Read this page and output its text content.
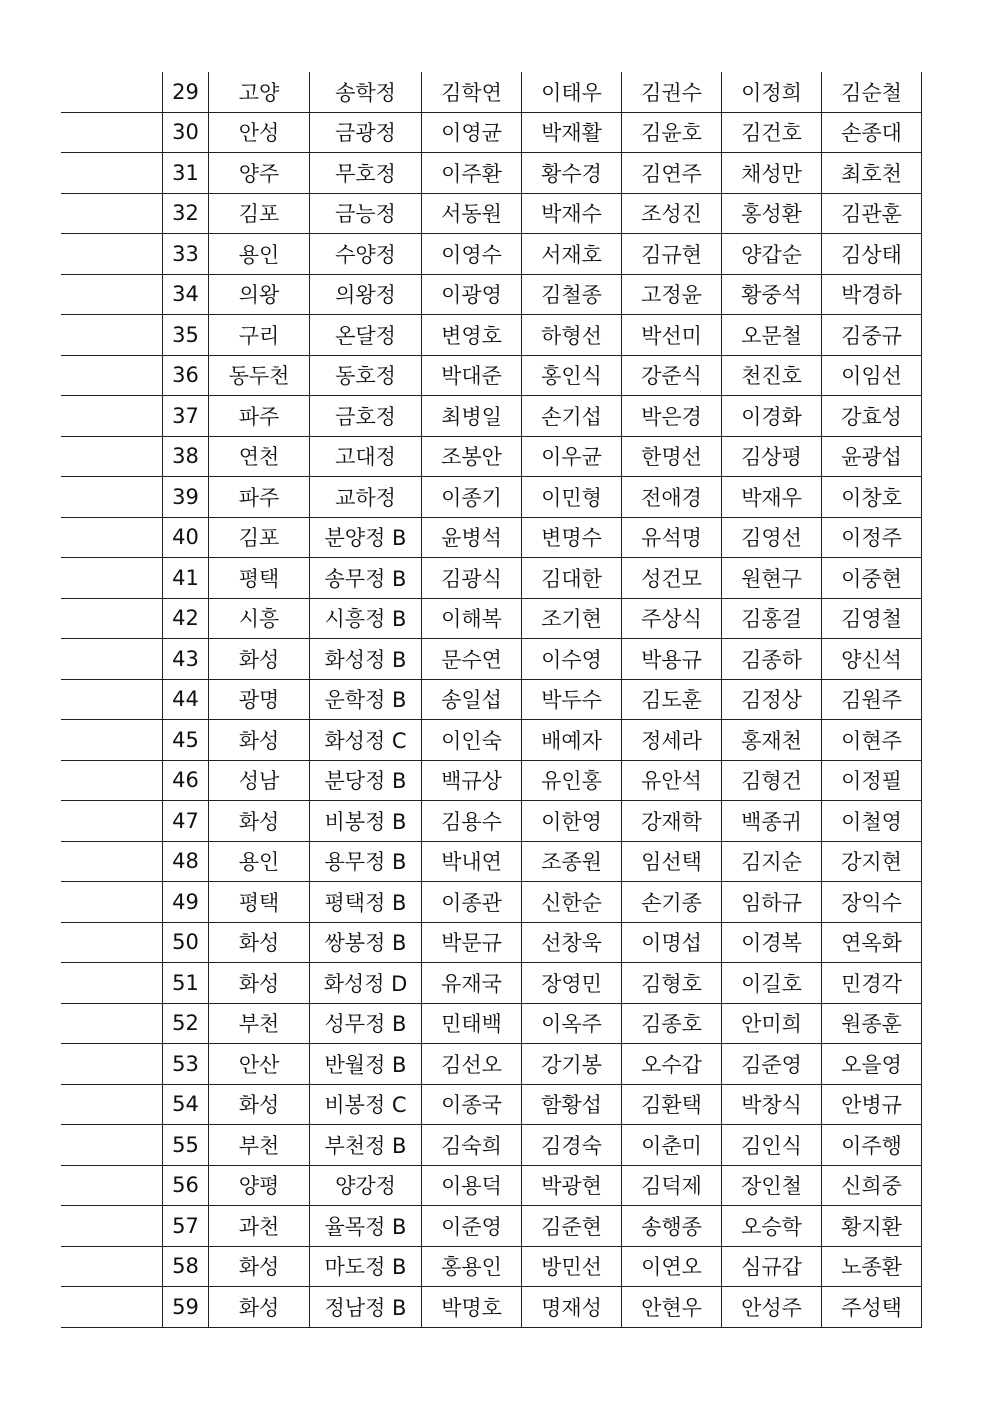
	29	고양	송학정	김학연	이태우	김권수	이정희	김순철
	30	안성	금광정	이영균	박재활	김윤호	김건호	손종대
	31	양주	무호정	이주환	황수경	김연주	채성만	최호천
	32	김포	금능정	서동원	박재수	조성진	홍성환	김관훈
	33	용인	수양정	이영수	서재호	김규현	양갑순	김상태
	34	의왕	의왕정	이광영	김철종	고정윤	황중석	박경하
	35	구리	온달정	변영호	하형선	박선미	오문철	김중규
	36	동두천	동호정	박대준	홍인식	강준식	천진호	이임선
	37	파주	금호정	최병일	손기섭	박은경	이경화	강효성
	38	연천	고대정	조봉안	이우균	한명선	김상평	윤광섭
	39	파주	교하정	이종기	이민형	전애경	박재우	이창호
	40	김포	분양정 B	윤병석	변명수	유석명	김영선	이정주
	41	평택	송무정 B	김광식	김대한	성건모	원현구	이중현
	42	시흥	시흥정 B	이해복	조기현	주상식	김홍걸	김영철
	43	화성	화성정 B	문수연	이수영	박용규	김종하	양신석
	44	광명	운학정 B	송일섭	박두수	김도훈	김정상	김원주
	45	화성	화성정 C	이인숙	배예자	정세라	홍재천	이현주
	46	성남	분당정 B	백규상	유인홍	유안석	김형건	이정필
	47	화성	비봉정 B	김용수	이한영	강재학	백종귀	이철영
	48	용인	용무정 B	박내연	조종원	임선택	김지순	강지현
	49	평택	평택정 B	이종관	신한순	손기종	임하규	장익수
	50	화성	쌍봉정 B	박문규	선창욱	이명섭	이경복	연옥화
	51	화성	화성정 D	유재국	장영민	김형호	이길호	민경각
	52	부천	성무정 B	민태백	이옥주	김종호	안미희	원종훈
	53	안산	반월정 B	김선오	강기봉	오수갑	김준영	오을영
	54	화성	비봉정 C	이종국	함황섭	김환택	박창식	안병규
	55	부천	부천정 B	김숙희	김경숙	이춘미	김인식	이주행
	56	양평	양강정	이용덕	박광현	김덕제	장인철	신희중
	57	과천	율목정 B	이준영	김준현	송행종	오승학	황지환
	58	화성	마도정 B	홍용인	방민선	이연오	심규갑	노종환
	59	화성	정남정 B	박명호	명재성	안현우	안성주	주성택
